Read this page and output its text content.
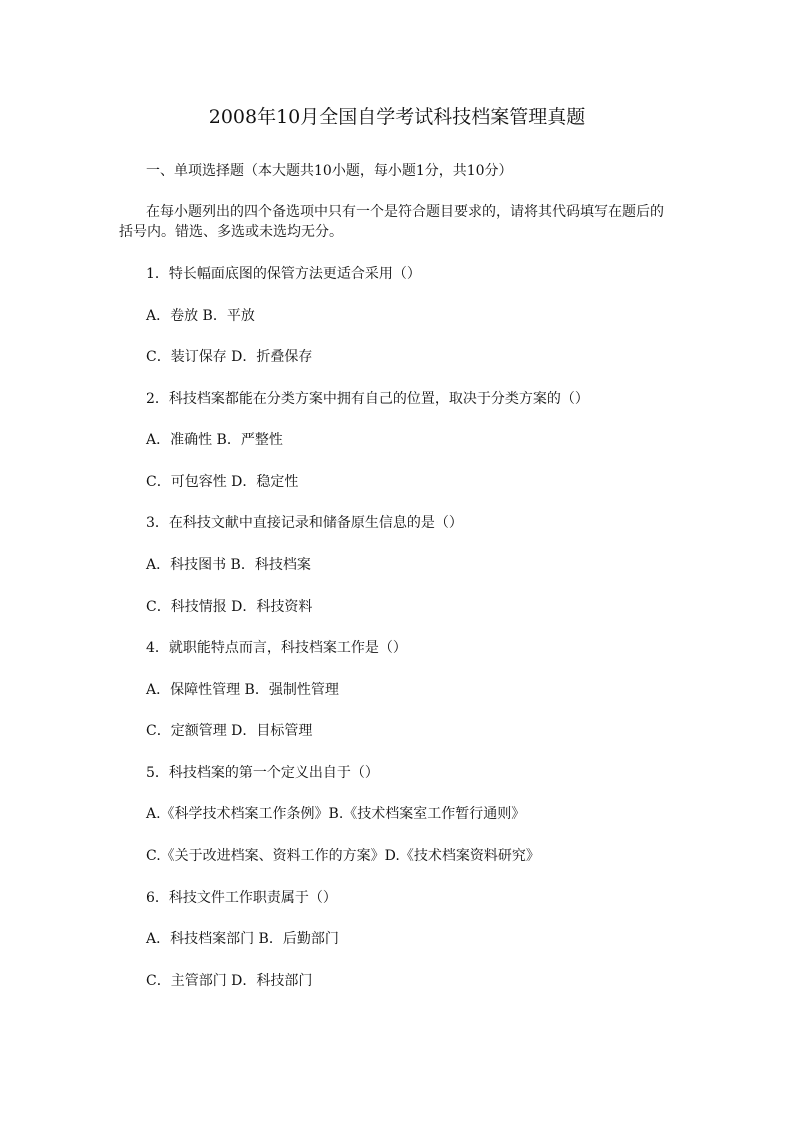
2008年10月全国自学考试科技档案管理真题
一、单项选择题（本大题共10小题，每小题1分，共10分）
在每小题列出的四个备选项中只有一个是符合题目要求的，请将其代码填写在题后的
括号内。错选、多选或未选均无分。
1．特长幅面底图的保管方法更适合采用（）
A．卷放 B．平放
C．装订保存 D．折叠保存
2．科技档案都能在分类方案中拥有自己的位置，取决于分类方案的（）
A．准确性 B．严整性
C．可包容性 D．稳定性
3．在科技文献中直接记录和储备原生信息的是（）
A．科技图书 B．科技档案
C．科技情报 D．科技资料
4．就职能特点而言，科技档案工作是（）
A．保障性管理 B．强制性管理
C．定额管理 D．目标管理
5．科技档案的第一个定义出自于（）
A.《科学技术档案工作条例》B.《技术档案室工作暂行通则》
C.《关于改进档案、资料工作的方案》D.《技术档案资料研究》
6．科技文件工作职责属于（）
A．科技档案部门 B．后勤部门
C．主管部门 D．科技部门
